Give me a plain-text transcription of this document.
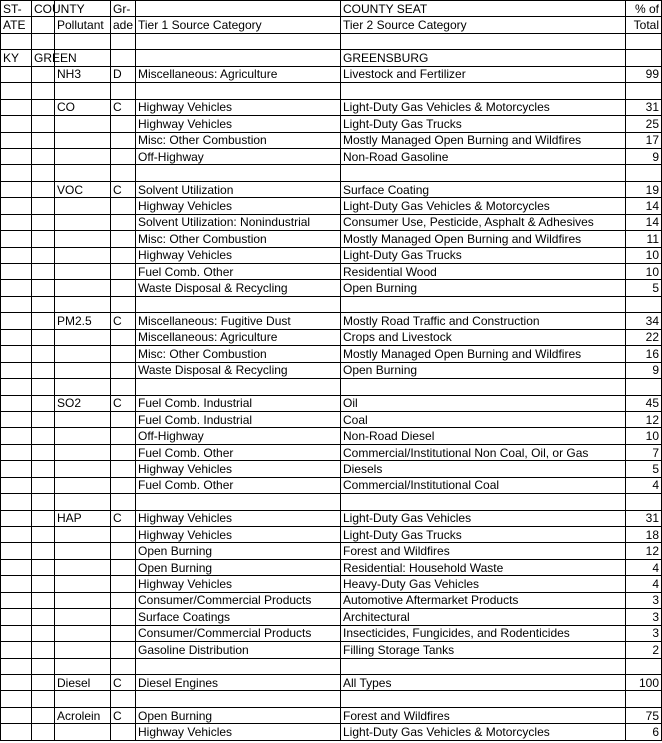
ST-	COUNTY		Gr-		COUNTY SEAT	% of
ATE		Pollutant	ade	Tier 1 Source Category	Tier 2 Source Category	Total

KY	GREEN				GREENSBURG	
		NH3	D	Miscellaneous: Agriculture	Livestock and Fertilizer	99

		CO	C	Highway Vehicles	Light-Duty Gas Vehicles & Motorcycles	31
				Highway Vehicles	Light-Duty Gas Trucks	25
				Misc: Other Combustion	Mostly Managed Open Burning and Wildfires	17
				Off-Highway	Non-Road Gasoline	9

		VOC	C	Solvent Utilization	Surface Coating	19
				Highway Vehicles	Light-Duty Gas Vehicles & Motorcycles	14
				Solvent Utilization: Nonindustrial	Consumer Use, Pesticide, Asphalt & Adhesives	14
				Misc: Other Combustion	Mostly Managed Open Burning and Wildfires	11
				Highway Vehicles	Light-Duty Gas Trucks	10
				Fuel Comb. Other	Residential Wood	10
				Waste Disposal & Recycling	Open Burning	5

		PM2.5	C	Miscellaneous: Fugitive Dust	Mostly Road Traffic and Construction	34
				Miscellaneous: Agriculture	Crops and Livestock	22
				Misc: Other Combustion	Mostly Managed Open Burning and Wildfires	16
				Waste Disposal & Recycling	Open Burning	9

		SO2	C	Fuel Comb. Industrial	Oil	45
				Fuel Comb. Industrial	Coal	12
				Off-Highway	Non-Road Diesel	10
				Fuel Comb. Other	Commercial/Institutional Non Coal, Oil, or Gas	7
				Highway Vehicles	Diesels	5
				Fuel Comb. Other	Commercial/Institutional Coal	4

		HAP	C	Highway Vehicles	Light-Duty Gas Vehicles	31
				Highway Vehicles	Light-Duty Gas Trucks	18
				Open Burning	Forest and Wildfires	12
				Open Burning	Residential: Household Waste	4
				Highway Vehicles	Heavy-Duty Gas Vehicles	4
				Consumer/Commercial Products	Automotive Aftermarket Products	3
				Surface Coatings	Architectural	3
				Consumer/Commercial Products	Insecticides, Fungicides, and Rodenticides	3
				Gasoline Distribution	Filling Storage Tanks	2

		Diesel	C	Diesel Engines	All Types	100

		Acrolein	C	Open Burning	Forest and Wildfires	75
				Highway Vehicles	Light-Duty Gas Vehicles & Motorcycles	6
